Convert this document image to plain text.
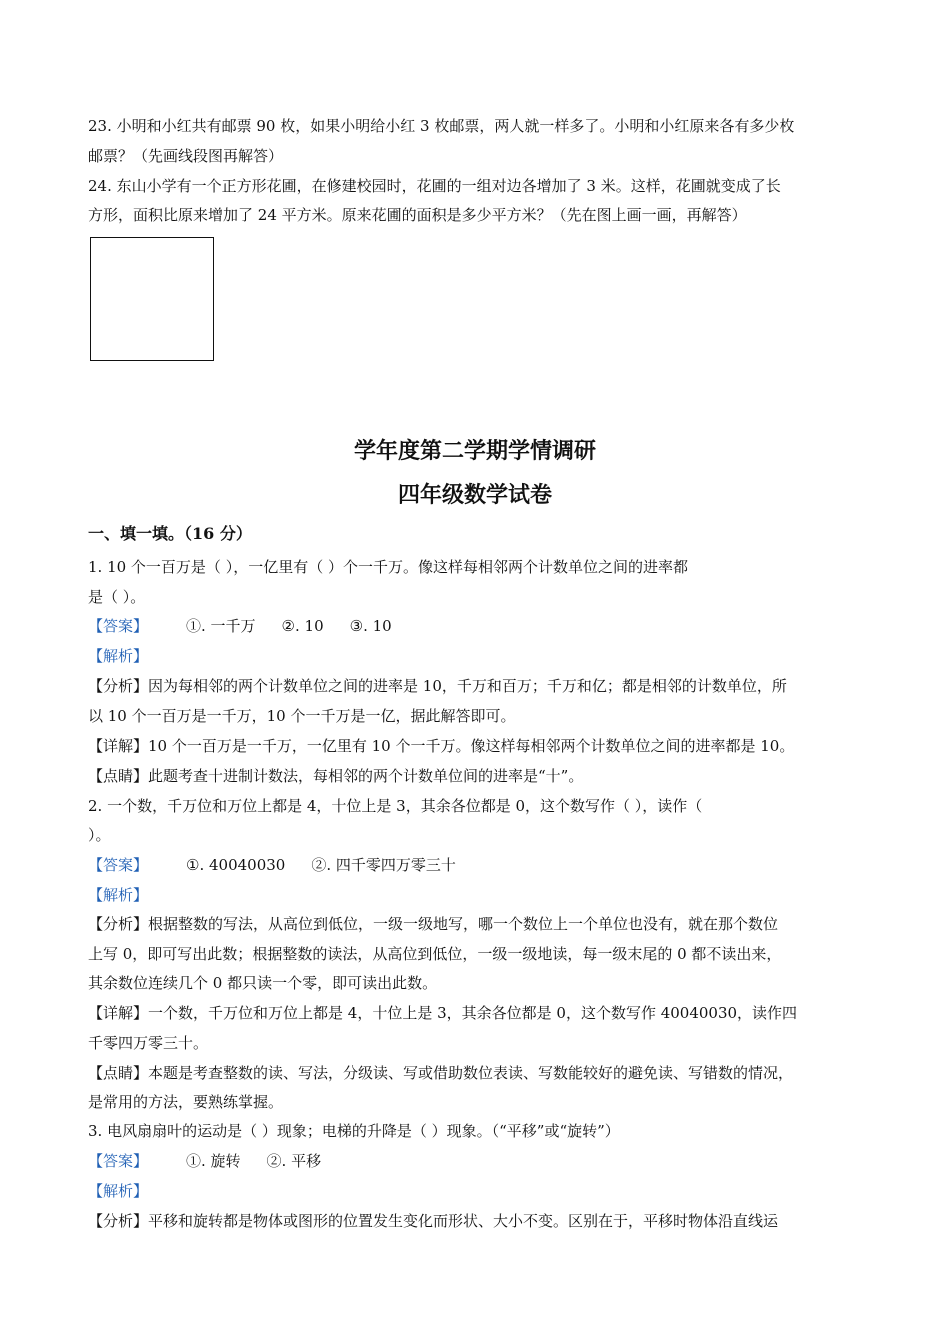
23. 小明和小红共有邮票 90 枚，如果小明给小红 3 枚邮票，两人就一样多了。小明和小红原来各有多少枚
邮票？（先画线段图再解答）
24. 东山小学有一个正方形花圃，在修建校园时，花圃的一组对边各增加了 3 米。这样，花圃就变成了长
方形，面积比原来增加了 24 平方米。原来花圃的面积是多少平方米？（先在图上画一画，再解答）
学年度第二学期学情调研
四年级数学试卷
一、填一填。（16 分）
1. 10 个一百万是（ ），一亿里有（ ）个一千万。像这样每相邻两个计数单位之间的进率都
是（ ）。
【答案】	①. 一千万 ②. 10 ③. 10
【解析】
【分析】因为每相邻的两个计数单位之间的进率是 10，千万和百万；千万和亿；都是相邻的计数单位，所
以 10 个一百万是一千万，10 个一千万是一亿，据此解答即可。
【详解】10 个一百万是一千万，一亿里有 10 个一千万。像这样每相邻两个计数单位之间的进率都是 10。
【点睛】此题考查十进制计数法，每相邻的两个计数单位间的进率是“十”。
2. 一个数，千万位和万位上都是 4，十位上是 3，其余各位都是 0，这个数写作（ ），读作（
）。
【答案】	①. 40040030 ②. 四千零四万零三十
【解析】
【分析】根据整数的写法，从高位到低位，一级一级地写，哪一个数位上一个单位也没有，就在那个数位
上写 0，即可写出此数；根据整数的读法，从高位到低位，一级一级地读，每一级末尾的 0 都不读出来，
其余数位连续几个 0 都只读一个零，即可读出此数。
【详解】一个数，千万位和万位上都是 4，十位上是 3，其余各位都是 0，这个数写作 40040030，读作四
千零四万零三十。
【点睛】本题是考查整数的读、写法，分级读、写或借助数位表读、写数能较好的避免读、写错数的情况，
是常用的方法，要熟练掌握。
3. 电风扇扇叶的运动是（ ）现象；电梯的升降是（ ）现象。（“平移”或“旋转”）
【答案】	①. 旋转 ②. 平移
【解析】
【分析】平移和旋转都是物体或图形的位置发生变化而形状、大小不变。区别在于，平移时物体沿直线运
